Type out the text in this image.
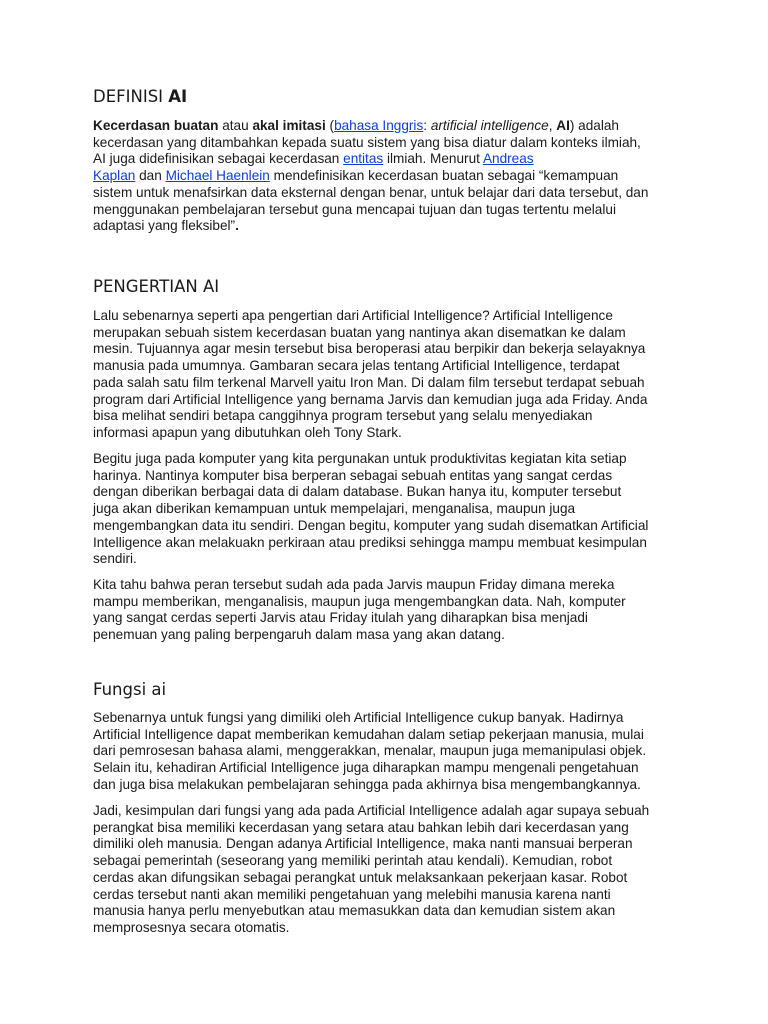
DEFINISI AI
Kecerdasan buatan atau akal imitasi (bahasa Inggris: artificial intelligence, AI) adalah
kecerdasan yang ditambahkan kepada suatu sistem yang bisa diatur dalam konteks ilmiah,
AI juga didefinisikan sebagai kecerdasan entitas ilmiah. Menurut Andreas
Kaplan dan Michael Haenlein mendefinisikan kecerdasan buatan sebagai “kemampuan
sistem untuk menafsirkan data eksternal dengan benar, untuk belajar dari data tersebut, dan
menggunakan pembelajaran tersebut guna mencapai tujuan dan tugas tertentu melalui
adaptasi yang fleksibel”.
PENGERTIAN AI
Lalu sebenarnya seperti apa pengertian dari Artificial Intelligence? Artificial Intelligence
merupakan sebuah sistem kecerdasan buatan yang nantinya akan disematkan ke dalam
mesin. Tujuannya agar mesin tersebut bisa beroperasi atau berpikir dan bekerja selayaknya
manusia pada umumnya. Gambaran secara jelas tentang Artificial Intelligence, terdapat
pada salah satu film terkenal Marvell yaitu Iron Man. Di dalam film tersebut terdapat sebuah
program dari Artificial Intelligence yang bernama Jarvis dan kemudian juga ada Friday. Anda
bisa melihat sendiri betapa canggihnya program tersebut yang selalu menyediakan
informasi apapun yang dibutuhkan oleh Tony Stark.
Begitu juga pada komputer yang kita pergunakan untuk produktivitas kegiatan kita setiap
harinya. Nantinya komputer bisa berperan sebagai sebuah entitas yang sangat cerdas
dengan diberikan berbagai data di dalam database. Bukan hanya itu, komputer tersebut
juga akan diberikan kemampuan untuk mempelajari, menganalisa, maupun juga
mengembangkan data itu sendiri. Dengan begitu, komputer yang sudah disematkan Artificial
Intelligence akan melakuakn perkiraan atau prediksi sehingga mampu membuat kesimpulan
sendiri.
Kita tahu bahwa peran tersebut sudah ada pada Jarvis maupun Friday dimana mereka
mampu memberikan, menganalisis, maupun juga mengembangkan data. Nah, komputer
yang sangat cerdas seperti Jarvis atau Friday itulah yang diharapkan bisa menjadi
penemuan yang paling berpengaruh dalam masa yang akan datang.
Fungsi ai
Sebenarnya untuk fungsi yang dimiliki oleh Artificial Intelligence cukup banyak. Hadirnya
Artificial Intelligence dapat memberikan kemudahan dalam setiap pekerjaan manusia, mulai
dari pemrosesan bahasa alami, menggerakkan, menalar, maupun juga memanipulasi objek.
Selain itu, kehadiran Artificial Intelligence juga diharapkan mampu mengenali pengetahuan
dan juga bisa melakukan pembelajaran sehingga pada akhirnya bisa mengembangkannya.
Jadi, kesimpulan dari fungsi yang ada pada Artificial Intelligence adalah agar supaya sebuah
perangkat bisa memiliki kecerdasan yang setara atau bahkan lebih dari kecerdasan yang
dimiliki oleh manusia. Dengan adanya Artificial Intelligence, maka nanti mansuai berperan
sebagai pemerintah (seseorang yang memiliki perintah atau kendali). Kemudian, robot
cerdas akan difungsikan sebagai perangkat untuk melaksankaan pekerjaan kasar. Robot
cerdas tersebut nanti akan memiliki pengetahuan yang melebihi manusia karena nanti
manusia hanya perlu menyebutkan atau memasukkan data dan kemudian sistem akan
memprosesnya secara otomatis.
